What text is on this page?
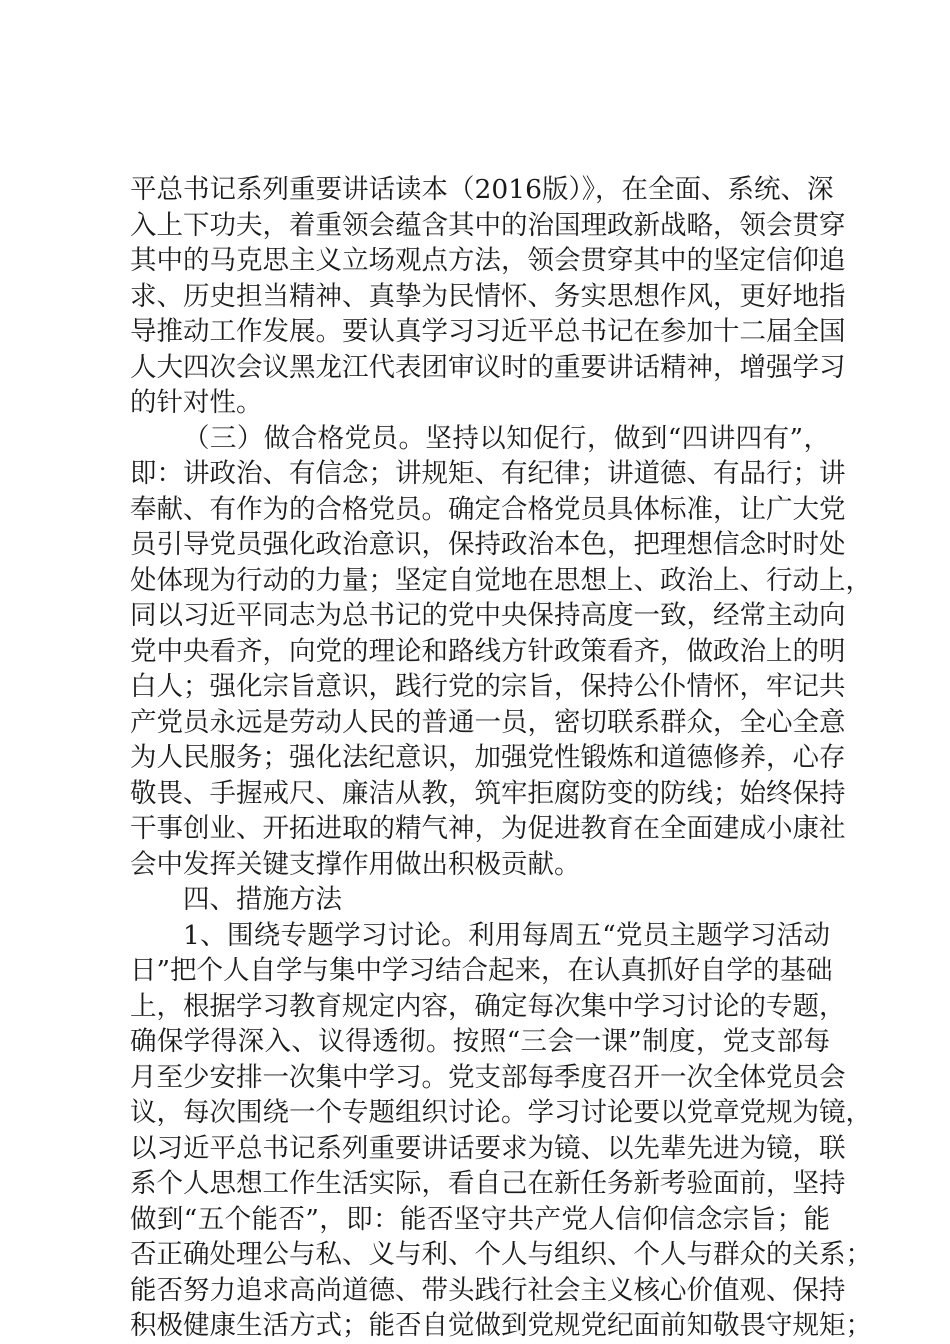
平总书记系列重要讲话读本（2016版）》，在全面、系统、深
入上下功夫，着重领会蕴含其中的治国理政新战略，领会贯穿
其中的马克思主义立场观点方法，领会贯穿其中的坚定信仰追
求、历史担当精神、真挚为民情怀、务实思想作风，更好地指
导推动工作发展。要认真学习习近平总书记在参加十二届全国
人大四次会议黑龙江代表团审议时的重要讲话精神，增强学习
的针对性。
（三）做合格党员。坚持以知促行，做到“四讲四有”，
即：讲政治、有信念；讲规矩、有纪律；讲道德、有品行；讲
奉献、有作为的合格党员。确定合格党员具体标准，让广大党
员引导党员强化政治意识，保持政治本色，把理想信念时时处
处体现为行动的力量；坚定自觉地在思想上、政治上、行动上，
同以习近平同志为总书记的党中央保持高度一致，经常主动向
党中央看齐，向党的理论和路线方针政策看齐，做政治上的明
白人；强化宗旨意识，践行党的宗旨，保持公仆情怀，牢记共
产党员永远是劳动人民的普通一员，密切联系群众，全心全意
为人民服务；强化法纪意识，加强党性锻炼和道德修养，心存
敬畏、手握戒尺、廉洁从教，筑牢拒腐防变的防线；始终保持
干事创业、开拓进取的精气神，为促进教育在全面建成小康社
会中发挥关键支撑作用做出积极贡献。
四、措施方法
1、围绕专题学习讨论。利用每周五“党员主题学习活动
日”把个人自学与集中学习结合起来，在认真抓好自学的基础
上，根据学习教育规定内容，确定每次集中学习讨论的专题，
确保学得深入、议得透彻。按照“三会一课”制度，党支部每
月至少安排一次集中学习。党支部每季度召开一次全体党员会
议，每次围绕一个专题组织讨论。学习讨论要以党章党规为镜，
以习近平总书记系列重要讲话要求为镜、以先辈先进为镜，联
系个人思想工作生活实际，看自己在新任务新考验面前，坚持
做到“五个能否”，即：能否坚守共产党人信仰信念宗旨；能
否正确处理公与私、义与利、个人与组织、个人与群众的关系；
能否努力追求高尚道德、带头践行社会主义核心价值观、保持
积极健康生活方式；能否自觉做到党规党纪面前知敬畏守规矩；
